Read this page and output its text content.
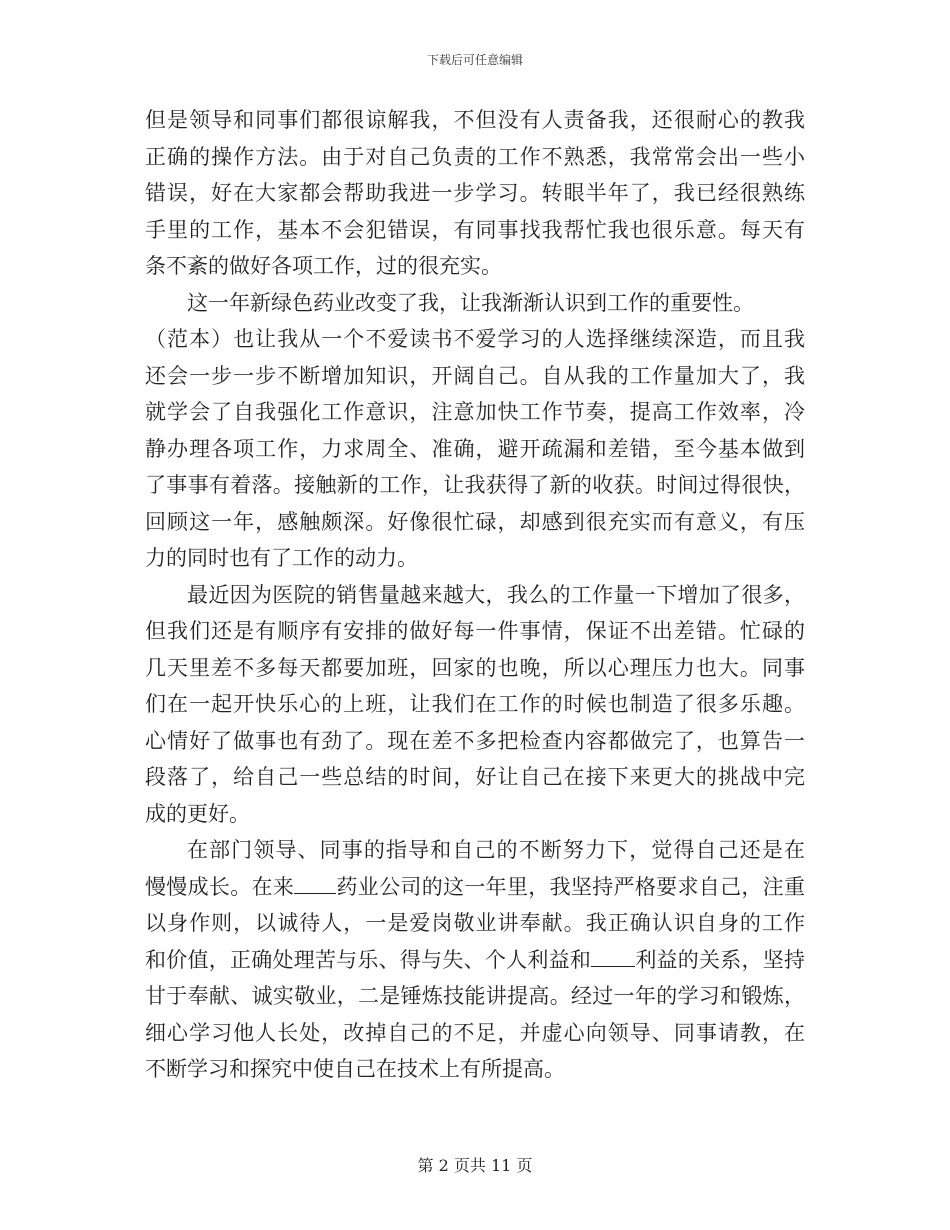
下载后可任意编辑
但是领导和同事们都很谅解我，不但没有人责备我，还很耐心的教我
正确的操作方法。由于对自己负责的工作不熟悉，我常常会出一些小
错误，好在大家都会帮助我进一步学习。转眼半年了，我已经很熟练
手里的工作，基本不会犯错误，有同事找我帮忙我也很乐意。每天有
条不紊的做好各项工作，过的很充实。
这一年新绿色药业改变了我，让我渐渐认识到工作的重要性。
（范本）也让我从一个不爱读书不爱学习的人选择继续深造，而且我
还会一步一步不断增加知识，开阔自己。自从我的工作量加大了，我
就学会了自我强化工作意识，注意加快工作节奏，提高工作效率，冷
静办理各项工作，力求周全、准确，避开疏漏和差错，至今基本做到
了事事有着落。接触新的工作，让我获得了新的收获。时间过得很快，
回顾这一年，感触颇深。好像很忙碌，却感到很充实而有意义，有压
力的同时也有了工作的动力。
最近因为医院的销售量越来越大，我么的工作量一下增加了很多，
但我们还是有顺序有安排的做好每一件事情，保证不出差错。忙碌的
几天里差不多每天都要加班，回家的也晚，所以心理压力也大。同事
们在一起开快乐心的上班，让我们在工作的时候也制造了很多乐趣。
心情好了做事也有劲了。现在差不多把检查内容都做完了，也算告一
段落了，给自己一些总结的时间，好让自己在接下来更大的挑战中完
成的更好。
在部门领导、同事的指导和自己的不断努力下，觉得自己还是在
慢慢成长。在来 药业公司的这一年里，我坚持严格要求自己，注重
以身作则，以诚待人，一是爱岗敬业讲奉献。我正确认识自身的工作
和价值，正确处理苦与乐、得与失、个人利益和 利益的关系，坚持
甘于奉献、诚实敬业，二是锤炼技能讲提高。经过一年的学习和锻炼，
细心学习他人长处，改掉自己的不足，并虚心向领导、同事请教，在
不断学习和探究中使自己在技术上有所提高。
第 2 页共 11 页
